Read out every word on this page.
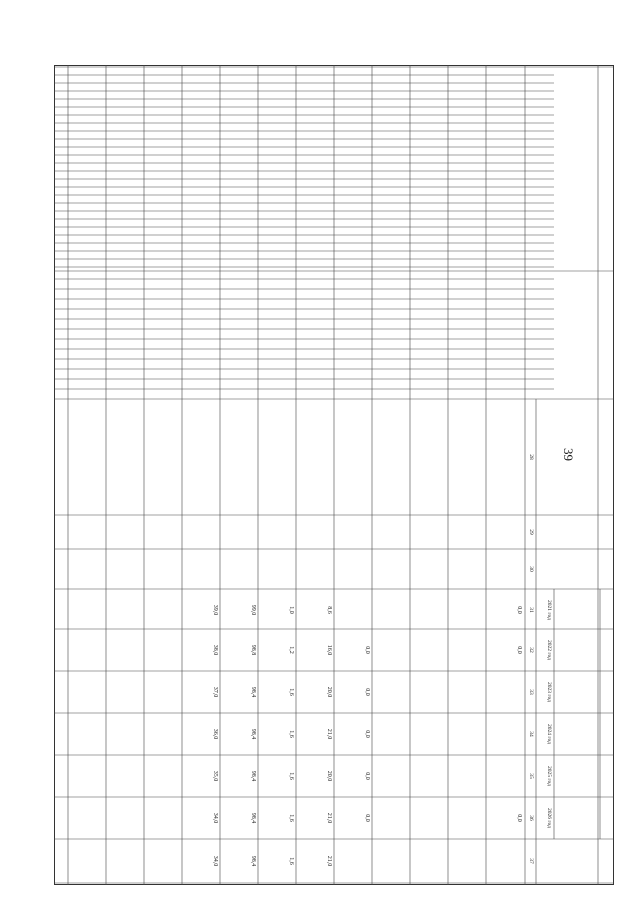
39
2021 год
2022 год
2023 год
2024 год
2025 год
2026 год
28
29
30
31
32
33
34
35
36
37
0,0
0,0
0,0
0,0
0,0
0,0
0,0
0,0
8,6
16,0
20,0
21,0
20,0
21,0
21,0
1,0
1,2
1,6
1,6
1,6
1,6
1,6
99,0
98,8
98,4
98,4
98,4
98,4
98,4
39,0
38,0
37,0
36,0
35,0
34,0
34,0
